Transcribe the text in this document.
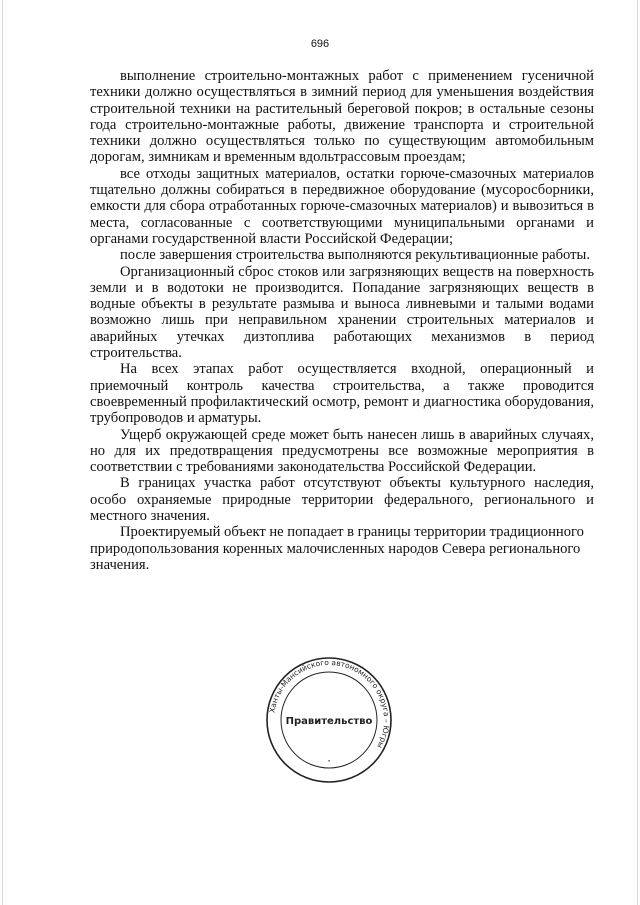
696

выполнение строительно-монтажных работ с применением гусеничной техники должно осуществляться в зимний период для уменьшения воздействия строительной техники на растительный береговой покров; в остальные сезоны года строительно-монтажные работы, движение транспорта и строительной техники должно осуществляться только по существующим автомобильным дорогам, зимникам и временным вдольтрассовым проездам;

все отходы защитных материалов, остатки горюче-смазочных материалов тщательно должны собираться в передвижное оборудование (мусоросборники, емкости для сбора отработанных горюче-смазочных материалов) и вывозиться в места, согласованные с соответствующими муниципальными органами и органами государственной власти Российской Федерации;

после завершения строительства выполняются рекультивационные работы.

Организационный сброс стоков или загрязняющих веществ на поверхность земли и в водотоки не производится. Попадание загрязняющих веществ в водные объекты в результате размыва и выноса ливневыми и талыми водами возможно лишь при неправильном хранении строительных материалов и аварийных утечках дизтоплива работающих механизмов в период строительства.

На всех этапах работ осуществляется входной, операционный и приемочный контроль качества строительства, а также проводится своевременный профилактический осмотр, ремонт и диагностика оборудования, трубопроводов и арматуры.

Ущерб окружающей среде может быть нанесен лишь в аварийных случаях, но для их предотвращения предусмотрены все возможные мероприятия в соответствии с требованиями законодательства Российской Федерации.

В границах участка работ отсутствуют объекты культурного наследия, особо охраняемые природные территории федерального, регионального и местного значения.

Проектируемый объект не попадает в границы территории традиционного природопользования коренных малочисленных народов Севера регионального значения.

Ханты-Мансийского автономного округа – Югры
Правительство
•
